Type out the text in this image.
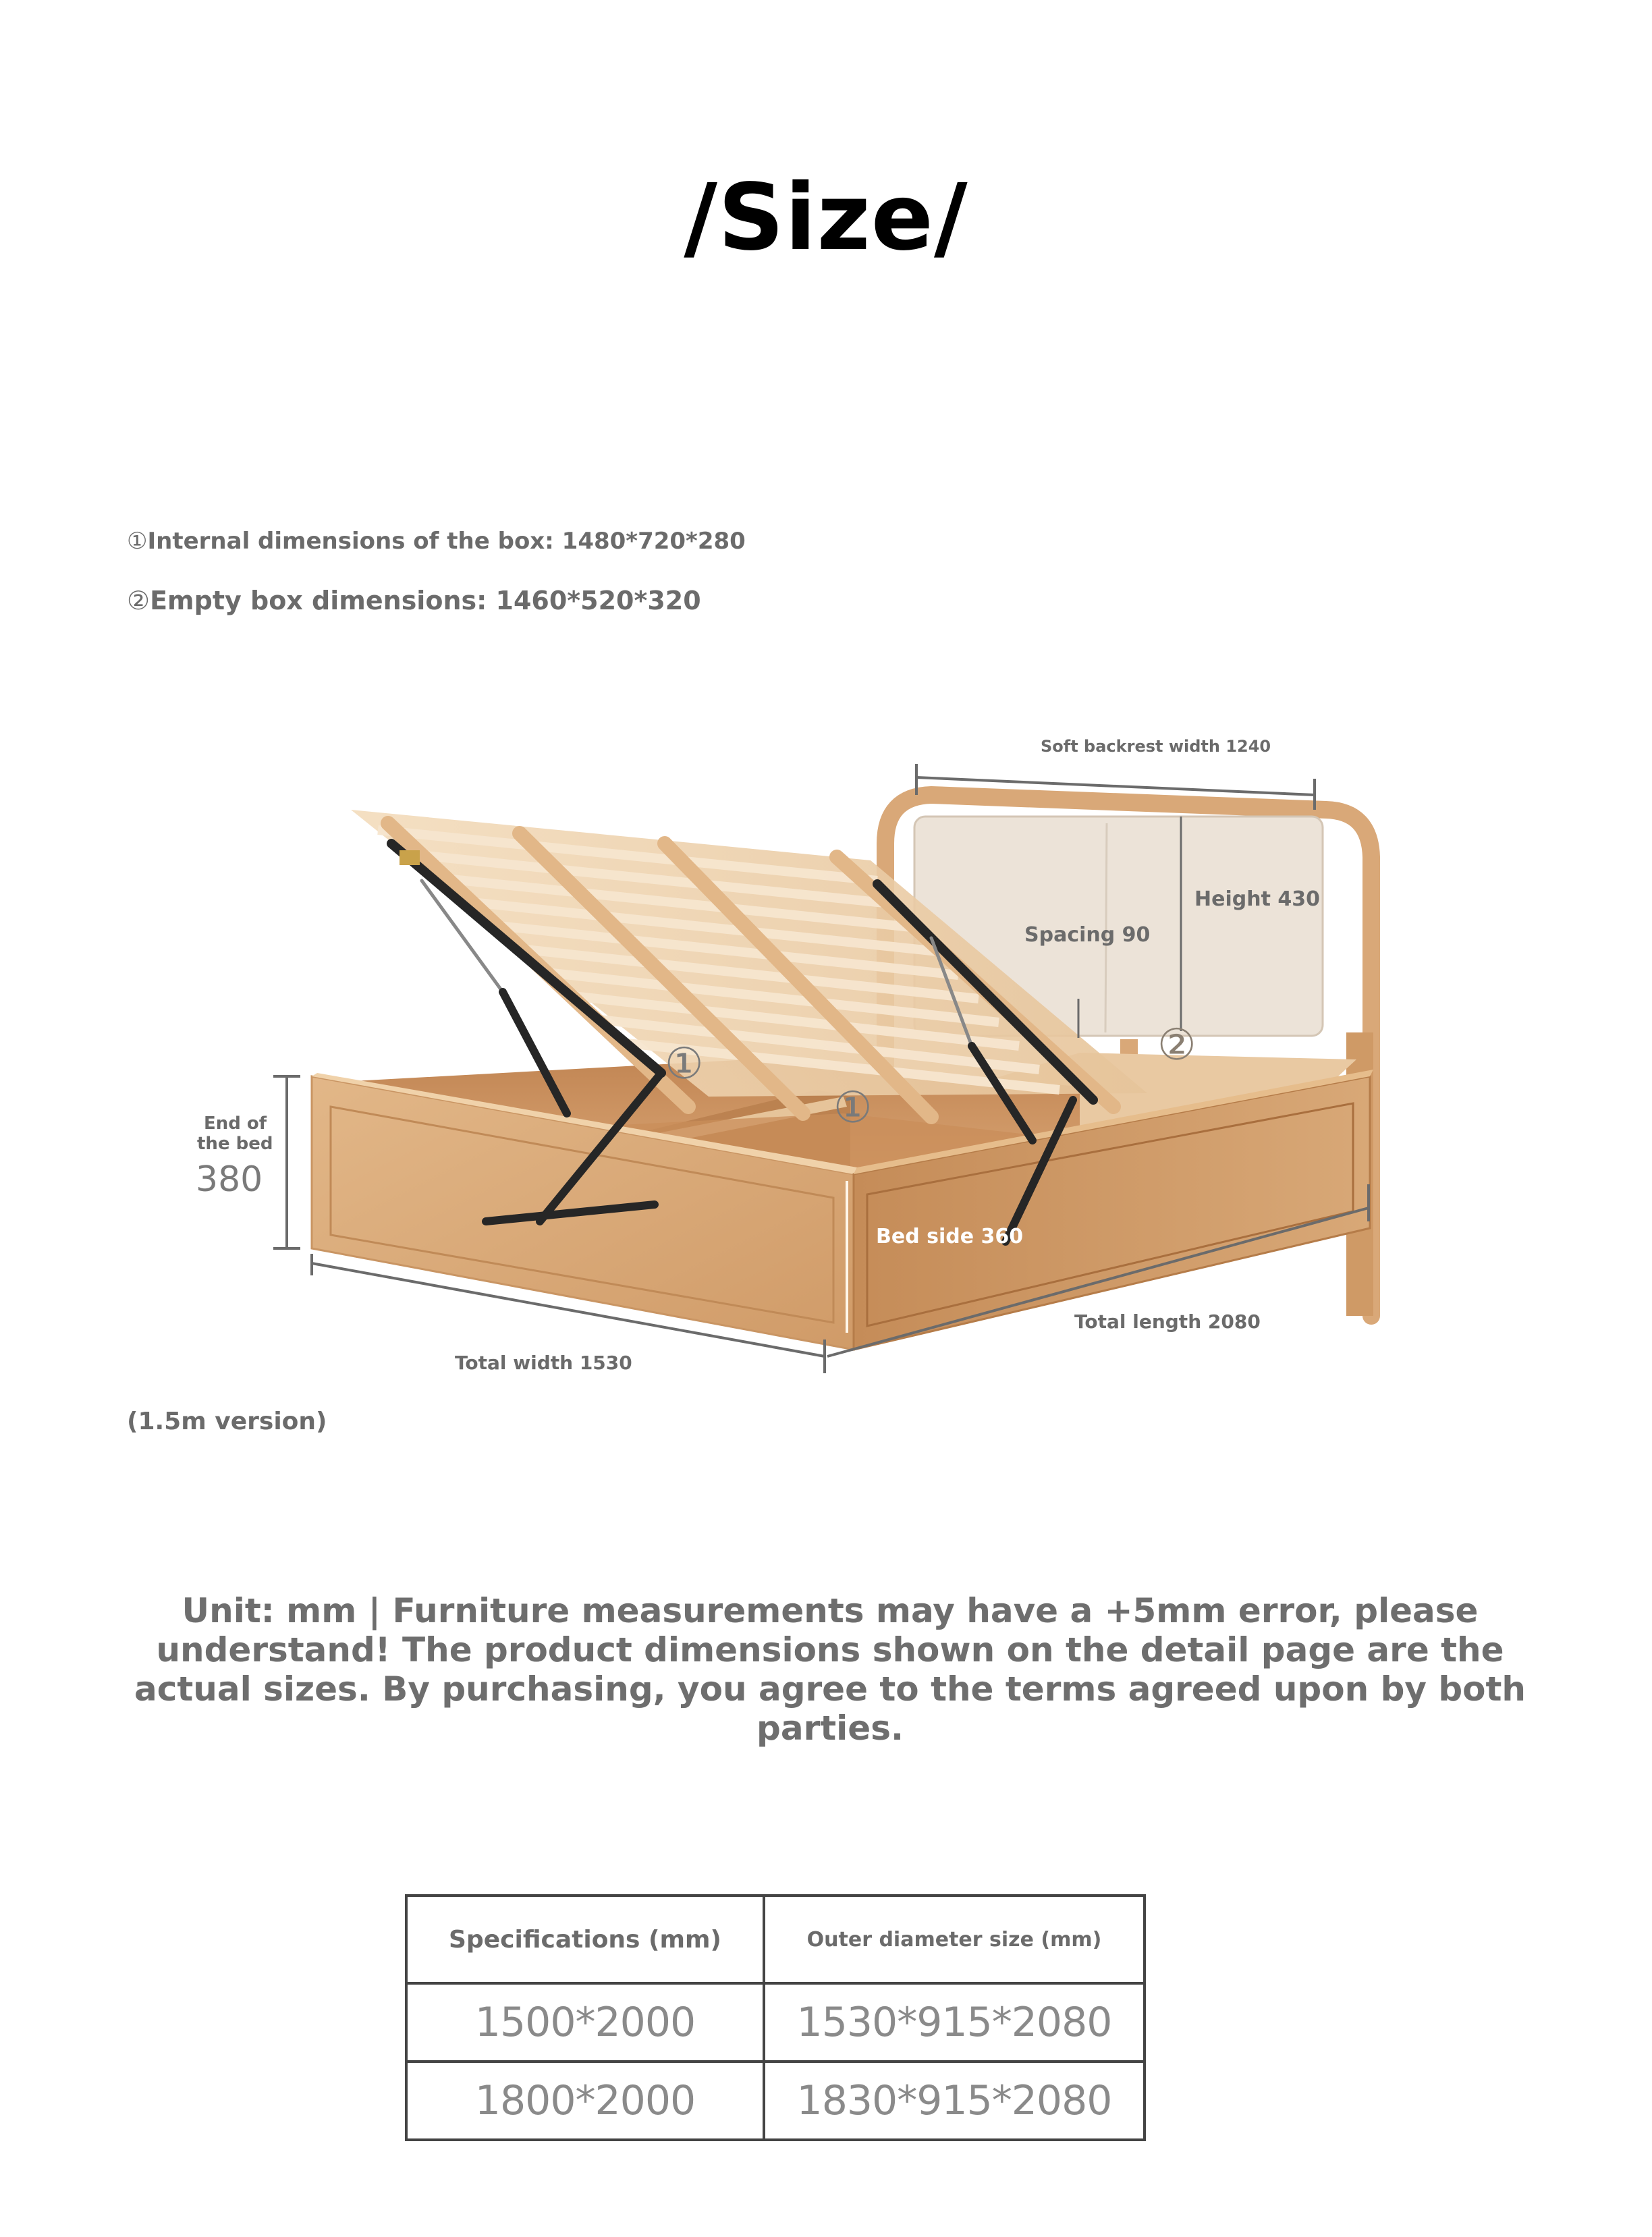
/Size/
①Internal dimensions of the box: 1480*720*280
②Empty box dimensions: 1460*520*320
Soft backrest width 1240
Height 430
Spacing 90
End of
the bed
380
Bed side 360
Total length 2080
Total width 1530
①
①
②
(1.5m version)
Unit: mm | Furniture measurements may have a +5mm error, please understand! The product dimensions shown on the detail page are the actual sizes. By purchasing, you agree to the terms agreed upon by both parties.
Specifications (mm)	Outer diameter size (mm)
1500*2000	1530*915*2080
1800*2000	1830*915*2080
